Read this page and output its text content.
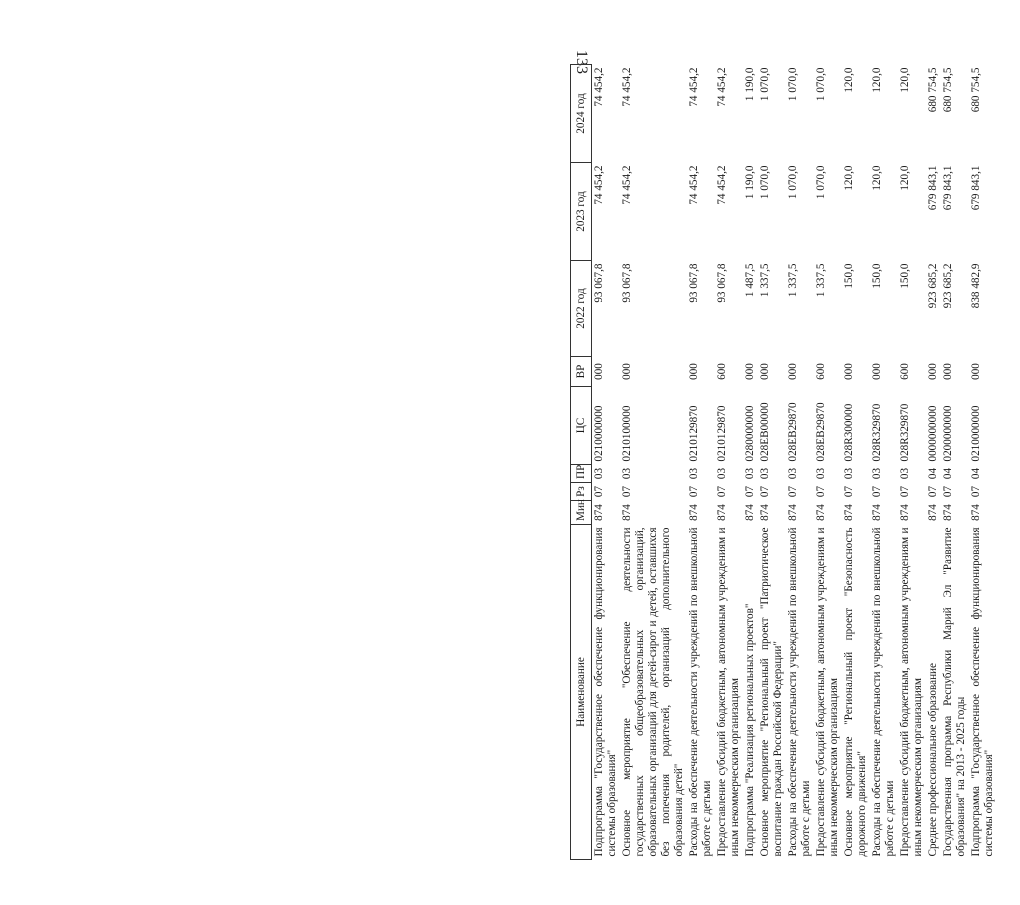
133
Наименование	Мин	Рз	ПР	ЦС	ВР	2022 год	2023 год	2024 год
Подпрограмма "Государственное обеспечение функционирования системы образования"	874	07	03	0210000000	000	93 067,8	74 454,2	74 454,2
Основное мероприятие "Обеспечение деятельности государственных общеобразовательных организаций, образовательных организаций для детей-сирот и детей, оставшихся без попечения родителей, организаций дополнительного образования детей"	874	07	03	0210100000	000	93 067,8	74 454,2	74 454,2
Расходы на обеспечение деятельности учреждений по внешкольной работе с детьми	874	07	03	0210129870	000	93 067,8	74 454,2	74 454,2
Предоставление субсидий бюджетным, автономным учреждениям и иным некоммерческим организациям	874	07	03	0210129870	600	93 067,8	74 454,2	74 454,2
Подпрограмма "Реализация региональных проектов"	874	07	03	0280000000	000	1 487,5	1 190,0	1 190,0
Основное мероприятие "Региональный проект "Патриотическое воспитание граждан Российской Федерации"	874	07	03	028EB00000	000	1 337,5	1 070,0	1 070,0
Расходы на обеспечение деятельности учреждений по внешкольной работе с детьми	874	07	03	028EB29870	000	1 337,5	1 070,0	1 070,0
Предоставление субсидий бюджетным, автономным учреждениям и иным некоммерческим организациям	874	07	03	028EB29870	600	1 337,5	1 070,0	1 070,0
Основное мероприятие "Региональный проект "Безопасность дорожного движения"	874	07	03	028R300000	000	150,0	120,0	120,0
Расходы на обеспечение деятельности учреждений по внешкольной работе с детьми	874	07	03	028R329870	000	150,0	120,0	120,0
Предоставление субсидий бюджетным, автономным учреждениям и иным некоммерческим организациям	874	07	03	028R329870	600	150,0	120,0	120,0
Среднее профессиональное образование	874	07	04	0000000000	000	923 685,2	679 843,1	680 754,5
Государственная программа Республики Марий Эл "Развитие образования" на 2013 - 2025 годы	874	07	04	0200000000	000	923 685,2	679 843,1	680 754,5
Подпрограмма "Государственное обеспечение функционирования системы образования"	874	07	04	0210000000	000	838 482,9	679 843,1	680 754,5
